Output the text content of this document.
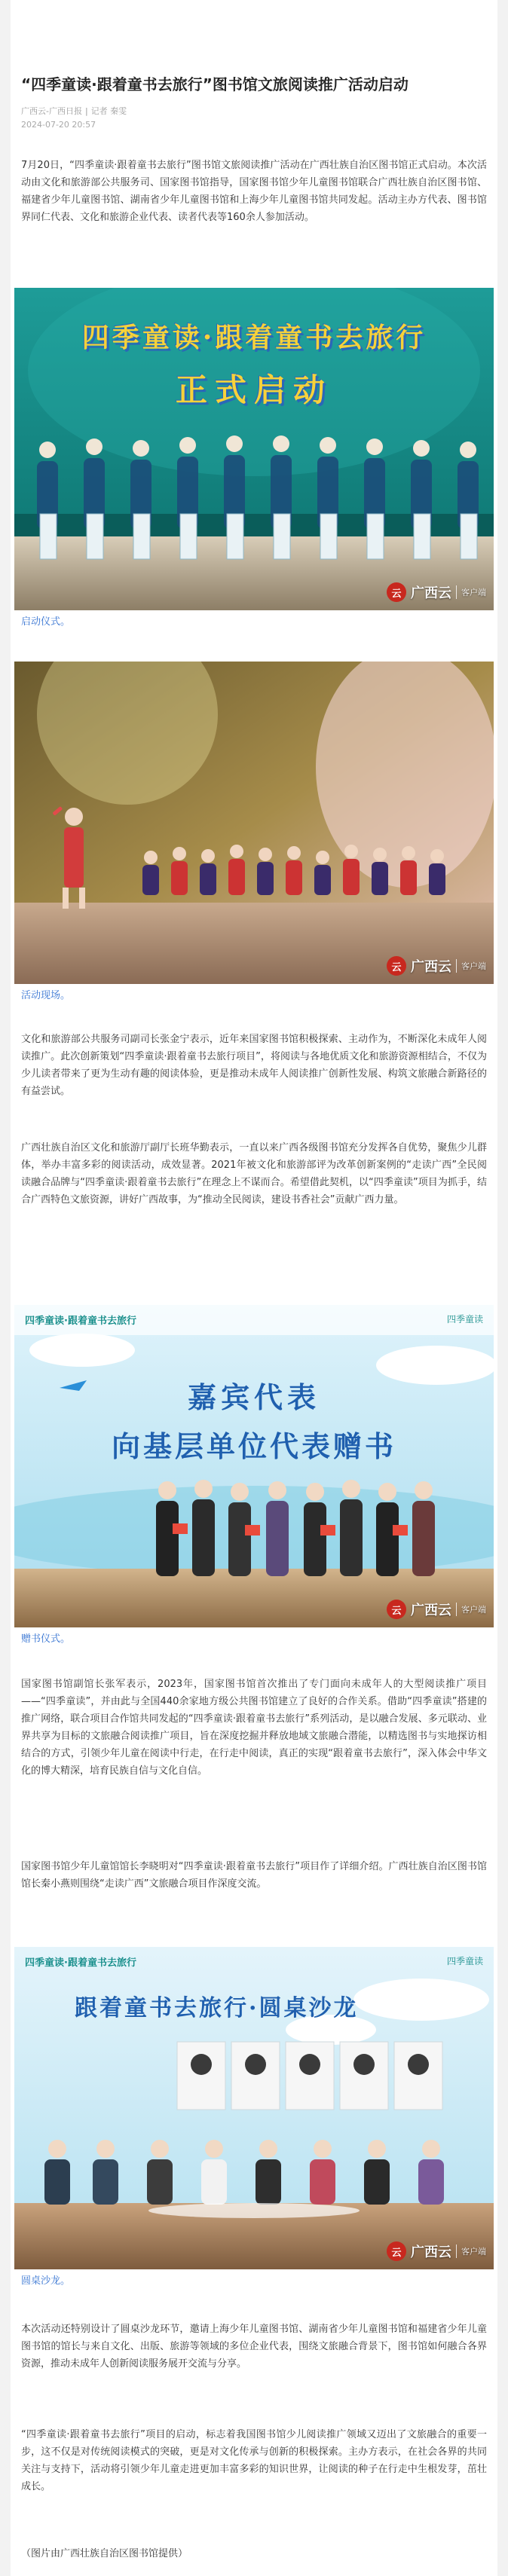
“四季童读·跟着童书去旅行”图书馆文旅阅读推广活动启动
广西云-广西日报 | 记者 秦雯
2024-07-20 20:57

7月20日，“四季童读·跟着童书去旅行”图书馆文旅阅读推广活动在广西壮族自治区图书馆正式启动。本次活动由文化和旅游部公共服务司、国家图书馆指导，国家图书馆少年儿童图书馆联合广西壮族自治区图书馆、福建省少年儿童图书馆、湖南省少年儿童图书馆和上海少年儿童图书馆共同发起。活动主办方代表、图书馆界同仁代表、文化和旅游企业代表、读者代表等160余人参加活动。

四季童读·跟着童书去旅行
正式启动
云 广西云 客户端

启动仪式。

云 广西云 客户端

活动现场。

文化和旅游部公共服务司副司长张金宁表示，近年来国家图书馆积极探索、主动作为，不断深化未成年人阅读推广。此次创新策划“四季童读·跟着童书去旅行项目”，将阅读与各地优质文化和旅游资源相结合，不仅为少儿读者带来了更为生动有趣的阅读体验，更是推动未成年人阅读推广创新性发展、构筑文旅融合新路径的有益尝试。

广西壮族自治区文化和旅游厅副厅长班华勤表示，一直以来广西各级图书馆充分发挥各自优势，聚焦少儿群体，举办丰富多彩的阅读活动，成效显著。2021年被文化和旅游部评为改革创新案例的“走读广西”全民阅读融合品牌与“四季童读·跟着童书去旅行”在理念上不谋而合。希望借此契机，以“四季童读”项目为抓手，结合广西特色文旅资源，讲好广西故事，为“推动全民阅读，建设书香社会”贡献广西力量。

四季童读·跟着童书去旅行	四季童读
嘉宾代表
向基层单位代表赠书
云 广西云 客户端

赠书仪式。

国家图书馆副馆长张军表示，2023年，国家图书馆首次推出了专门面向未成年人的大型阅读推广项目——“四季童读”，并由此与全国440余家地方级公共图书馆建立了良好的合作关系。借助“四季童读”搭建的推广网络，联合项目合作馆共同发起的“四季童读·跟着童书去旅行”系列活动，是以融合发展、多元联动、业界共享为目标的文旅融合阅读推广项目，旨在深度挖掘并释放地域文旅融合潜能，以精选图书与实地探访相结合的方式，引领少年儿童在阅读中行走，在行走中阅读，真正的实现“跟着童书去旅行”，深入体会中华文化的博大精深，培育民族自信与文化自信。

国家图书馆少年儿童馆馆长李晓明对“四季童读·跟着童书去旅行”项目作了详细介绍。广西壮族自治区图书馆馆长秦小燕则围绕“走读广西”文旅融合项目作深度交流。

四季童读·跟着童书去旅行	四季童读
跟着童书去旅行·圆桌沙龙
云 广西云 客户端

圆桌沙龙。

本次活动还特别设计了圆桌沙龙环节，邀请上海少年儿童图书馆、湖南省少年儿童图书馆和福建省少年儿童图书馆的馆长与来自文化、出版、旅游等领域的多位企业代表，围绕文旅融合背景下，图书馆如何融合各界资源，推动未成年人创新阅读服务展开交流与分享。

“四季童读·跟着童书去旅行”项目的启动，标志着我国图书馆少儿阅读推广领域又迈出了文旅融合的重要一步，这不仅是对传统阅读模式的突破，更是对文化传承与创新的积极探索。主办方表示，在社会各界的共同关注与支持下，活动将引领少年儿童走进更加丰富多彩的知识世界，让阅读的种子在行走中生根发芽，茁壮成长。

（图片由广西壮族自治区图书馆提供）
